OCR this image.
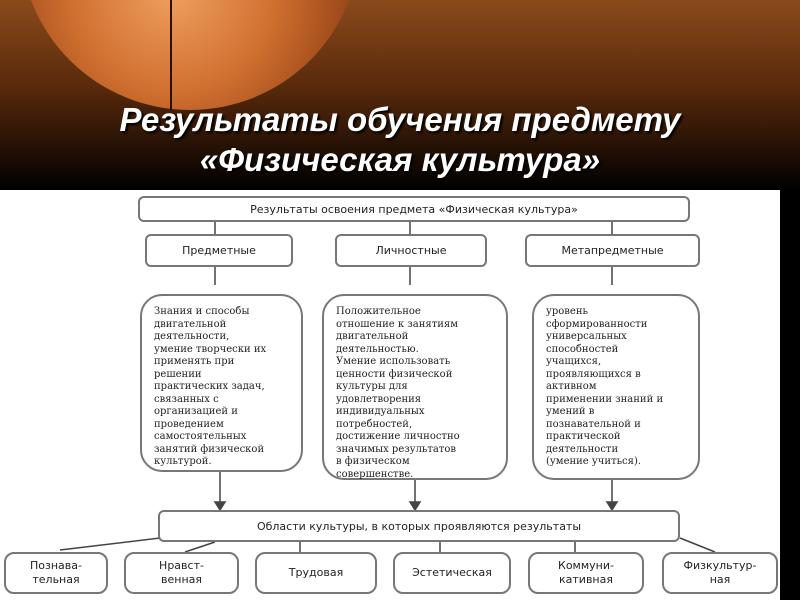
Результаты обучения предмету
«Физическая культура»
Результаты освоения предмета «Физическая культура»
Предметные	Личностные	Метапредметные
Знания и способы
двигательной
деятельности,
умение творчески их
применять при
решении
практических задач,
связанных с
организацией и
проведением
самостоятельных
занятий физической
культурой.
Положительное
отношение к занятиям
двигательной
деятельностью.
Умение использовать
ценности физической
культуры для
удовлетворения
индивидуальных
потребностей,
достижение личностно
значимых результатов
в физическом
совершенстве.
уровень
сформированности
универсальных
способностей
учащихся,
проявляющихся в
активном
применении знаний и
умений в
познавательной и
практической
деятельности
(умение учиться).
Области культуры, в которых проявляются результаты
Познава-
тельная
Нравст-
венная
Трудовая	Эстетическая
Коммуни-
кативная
Физкультур-
ная
